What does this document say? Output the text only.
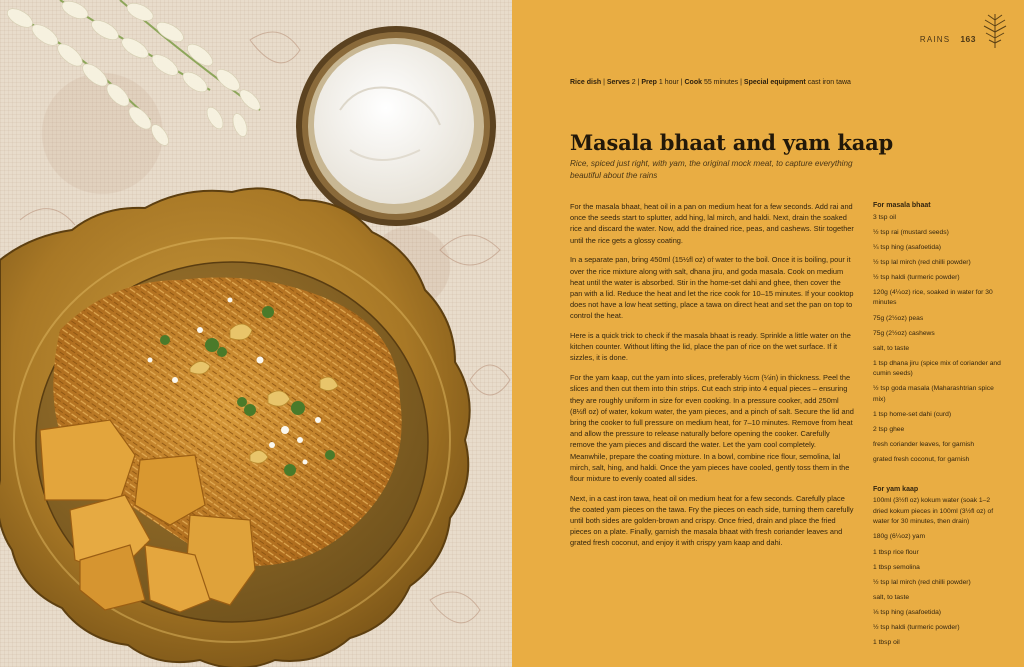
RAINS 163
Rice dish | Serves 2 | Prep 1 hour | Cook 55 minutes | Special equipment cast iron tawa
Masala bhaat and yam kaap
Rice, spiced just right, with yam, the original mock meat, to capture everything beautiful about the rains

For the masala bhaat, heat oil in a pan on medium heat for a few seconds. Add rai and once the seeds start to splutter, add hing, lal mirch, and haldi. Next, drain the soaked rice and discard the water. Now, add the drained rice, peas, and cashews. Stir together until the rice gets a glossy coating.

In a separate pan, bring 450ml (15½fl oz) of water to the boil. Once it is boiling, pour it over the rice mixture along with salt, dhana jiru, and goda masala. Cook on medium heat until the water is absorbed. Stir in the home-set dahi and ghee, then cover the pan with a lid. Reduce the heat and let the rice cook for 10–15 minutes. If your cooktop does not have a low heat setting, place a tawa on direct heat and set the pan on top to control the heat.

Here is a quick trick to check if the masala bhaat is ready. Sprinkle a little water on the kitchen counter. Without lifting the lid, place the pan of rice on the wet surface. If it sizzles, it is done.

For the yam kaap, cut the yam into slices, preferably ½cm (¼in) in thickness. Peel the slices and then cut them into thin strips. Cut each strip into 4 equal pieces – ensuring they are roughly uniform in size for even cooking. In a pressure cooker, add 250ml (8½fl oz) of water, kokum water, the yam pieces, and a pinch of salt. Secure the lid and bring the cooker to full pressure on medium heat, for 7–10 minutes. Remove from heat and allow the pressure to release naturally before opening the cooker. Carefully remove the yam pieces and discard the water. Let the yam cool completely. Meanwhile, prepare the coating mixture. In a bowl, combine rice flour, semolina, lal mirch, salt, hing, and haldi. Once the yam pieces have cooled, gently toss them in the flour mixture to evenly coated all sides.

Next, in a cast iron tawa, heat oil on medium heat for a few seconds. Carefully place the coated yam pieces on the tawa. Fry the pieces on each side, turning them carefully until both sides are golden-brown and crispy. Once fried, drain and place the fried pieces on a plate. Finally, garnish the masala bhaat with fresh coriander leaves and grated fresh coconut, and enjoy it with crispy yam kaap and dahi.

For masala bhaat
3 tsp oil
½ tsp rai (mustard seeds)
¼ tsp hing (asafoetida)
½ tsp lal mirch (red chilli powder)
½ tsp haldi (turmeric powder)
120g (4¼oz) rice, soaked in water for 30 minutes
75g (2½oz) peas
75g (2½oz) cashews
salt, to taste
1 tsp dhana jiru (spice mix of coriander and cumin seeds)
½ tsp goda masala (Maharashtrian spice mix)
1 tsp home-set dahi (curd)
2 tsp ghee
fresh coriander leaves, for garnish
grated fresh coconut, for garnish
For yam kaap
100ml (3½fl oz) kokum water (soak 1–2 dried kokum pieces in 100ml (3½fl oz) of water for 30 minutes, then drain)
180g (6¼oz) yam
1 tbsp rice flour
1 tbsp semolina
½ tsp lal mirch (red chilli powder)
salt, to taste
⅓ tsp hing (asafoetida)
½ tsp haldi (turmeric powder)
1 tbsp oil
